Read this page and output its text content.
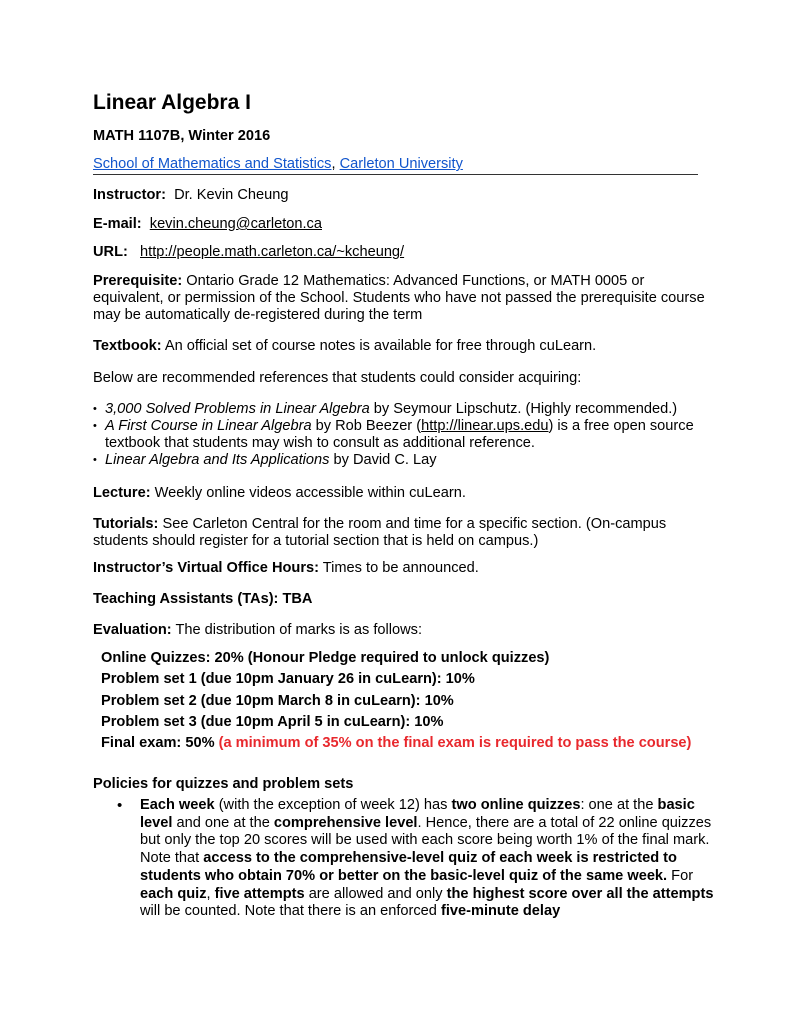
Linear Algebra I

MATH 1107B, Winter 2016

School of Mathematics and Statistics, Carleton University

Instructor: Dr. Kevin Cheung

E-mail: kevin.cheung@carleton.ca

URL: http://people.math.carleton.ca/~kcheung/

Prerequisite: Ontario Grade 12 Mathematics: Advanced Functions, or MATH 0005 or

equivalent, or permission of the School. Students who have not passed the prerequisite course

may be automatically de-registered during the term

Textbook: An official set of course notes is available for free through cuLearn.

Below are recommended references that students could consider acquiring:

• 3,000 Solved Problems in Linear Algebra by Seymour Lipschutz. (Highly recommended.)
• A First Course in Linear Algebra by Rob Beezer (http://linear.ups.edu) is a free open source
textbook that students may wish to consult as additional reference.
• Linear Algebra and Its Applications by David C. Lay

Lecture: Weekly online videos accessible within cuLearn.

Tutorials: See Carleton Central for the room and time for a specific section. (On-campus

students should register for a tutorial section that is held on campus.)

Instructor’s Virtual Office Hours: Times to be announced.

Teaching Assistants (TAs): TBA

Evaluation: The distribution of marks is as follows:

Online Quizzes: 20% (Honour Pledge required to unlock quizzes)

Problem set 1 (due 10pm January 26 in cuLearn): 10%

Problem set 2 (due 10pm March 8 in cuLearn): 10%

Problem set 3 (due 10pm April 5 in cuLearn): 10%

Final exam: 50% (a minimum of 35% on the final exam is required to pass the course)

Policies for quizzes and problem sets

• Each week (with the exception of week 12) has two online quizzes: one at the basic level and one at the comprehensive level. Hence, there are a total of 22 online quizzes but only the top 20 scores will be used with each score being worth 1% of the final mark. Note that access to the comprehensive-level quiz of each week is restricted to students who obtain 70% or better on the basic-level quiz of the same week. For each quiz, five attempts are allowed and only the highest score over all the attempts will be counted. Note that there is an enforced five-minute delay
